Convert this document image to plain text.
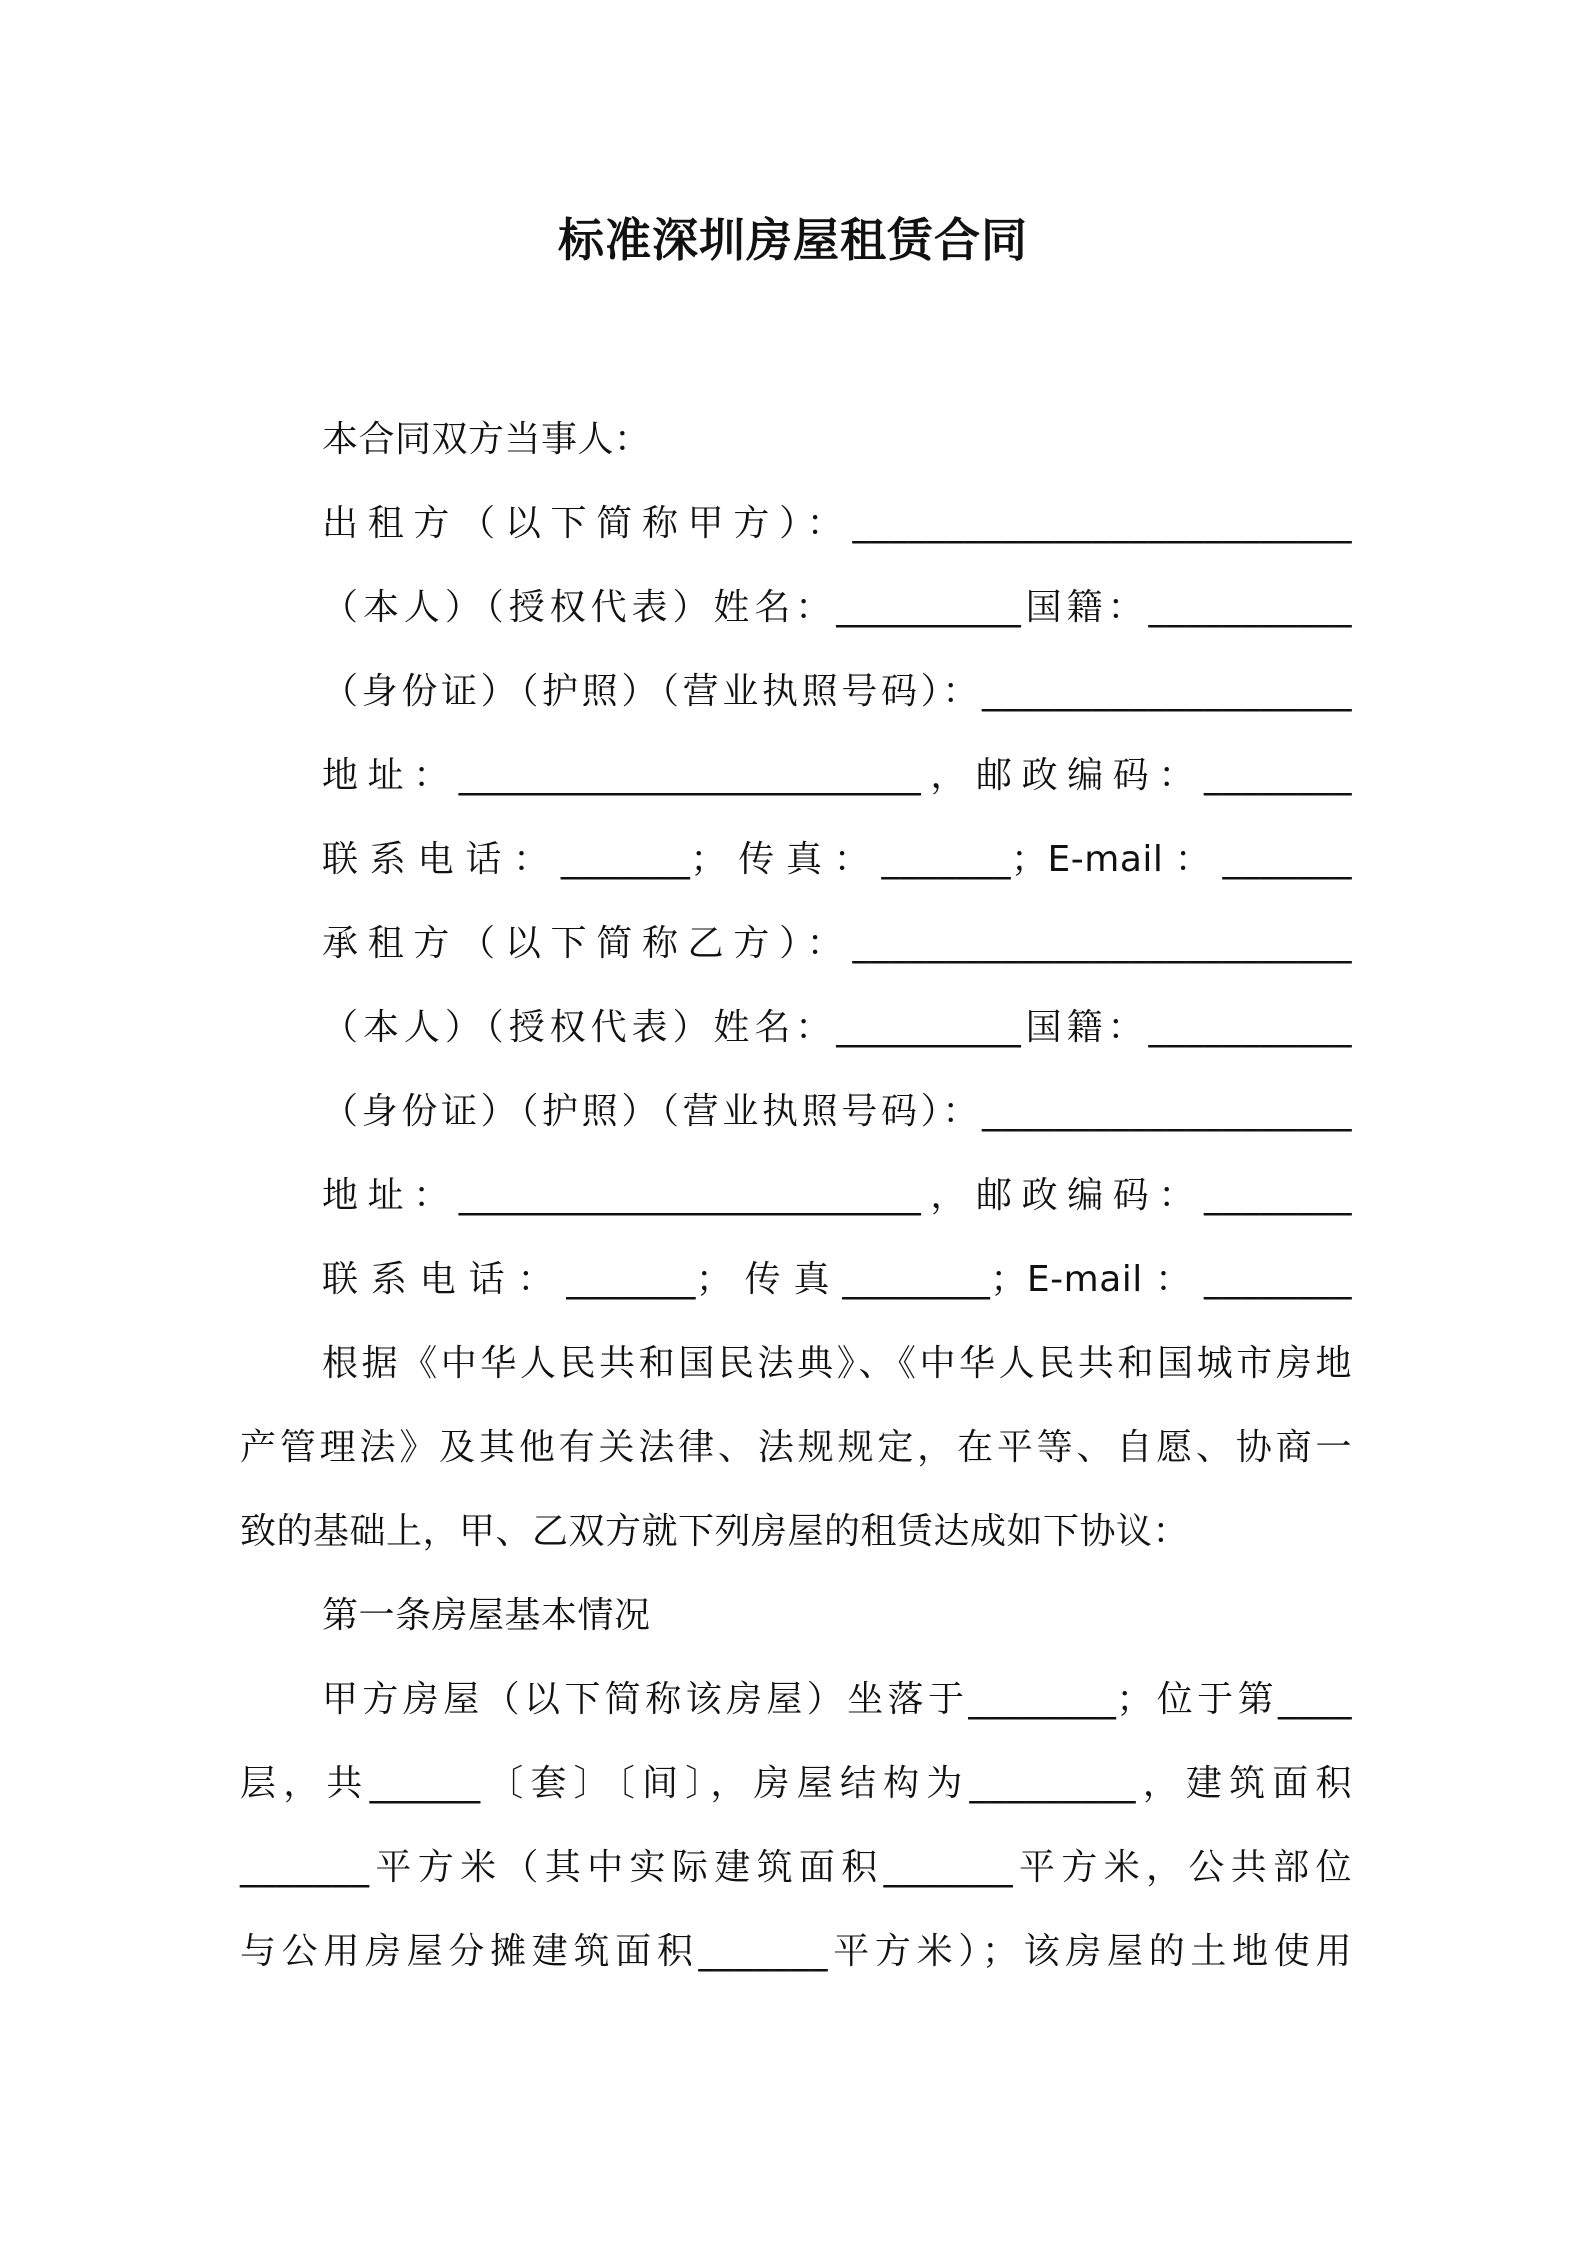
标准深圳房屋租赁合同
本合同双方当事人：
出租方（以下简称甲方）：___________________________
（本人）（授权代表）姓名：__________国籍：___________
（身份证）（护照）（营业执照号码）：____________________
地址：_________________________，邮政编码：________
联系电话：_______；传真：_______；E-mail：_______
承租方（以下简称乙方）：___________________________
（本人）（授权代表）姓名：__________国籍：___________
（身份证）（护照）（营业执照号码）：____________________
地址：_________________________，邮政编码：________
联系电话：_______；传真________；E-mail：________
根据《中华人民共和国民法典》、《中华人民共和国城市房地
产管理法》及其他有关法律、法规规定，在平等、自愿、协商一
致的基础上，甲、乙双方就下列房屋的租赁达成如下协议：
第一条房屋基本情况
甲方房屋（以下简称该房屋）坐落于________；位于第____
层，共______〔套〕〔间〕，房屋结构为_________，建筑面积
_______平方米（其中实际建筑面积_______平方米，公共部位
与公用房屋分摊建筑面积_______平方米）；该房屋的土地使用
